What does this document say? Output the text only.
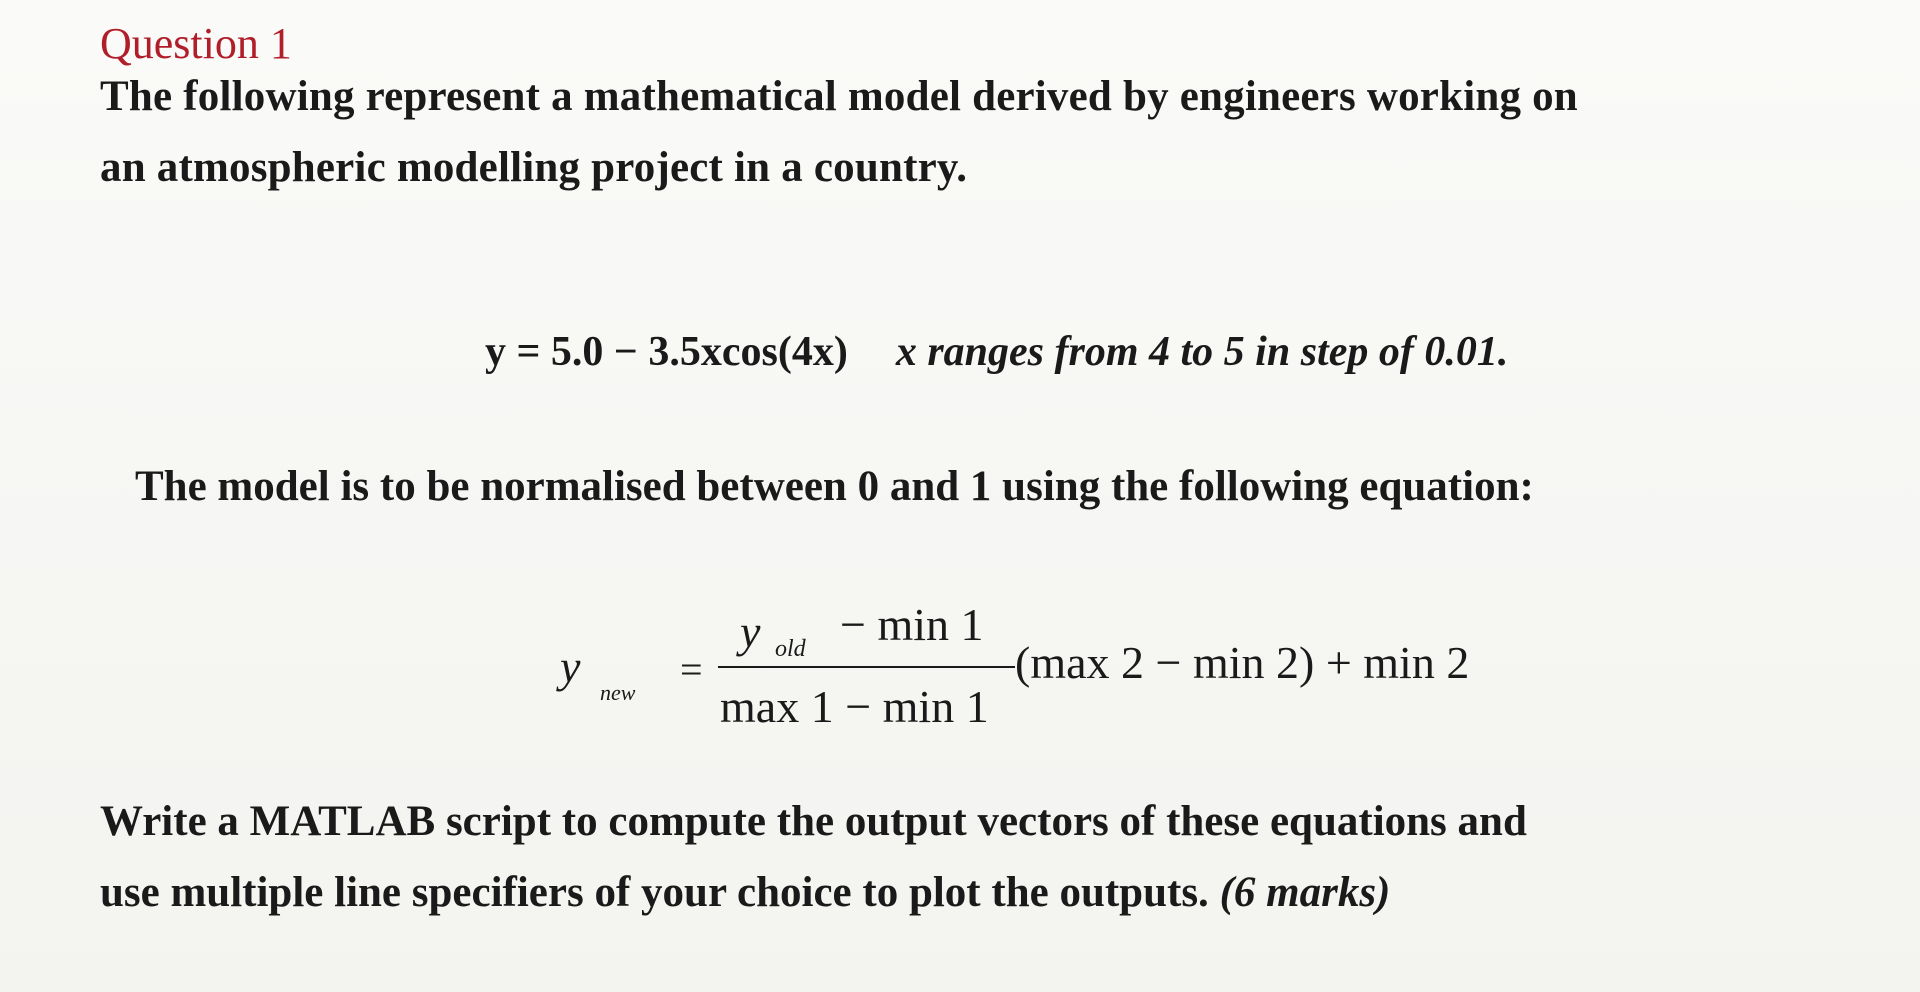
Question 1
The following represent a mathematical model derived by engineers working on
an atmospheric modelling project in a country.
y = 5.0 − 3.5xcos(4x) x ranges from 4 to 5 in step of 0.01.
The model is to be normalised between 0 and 1 using the following equation:
y
new
=
y old − min 1
max 1 − min 1
(max 2 − min 2) + min 2
Write a MATLAB script to compute the output vectors of these equations and
use multiple line specifiers of your choice to plot the outputs. (6 marks)
